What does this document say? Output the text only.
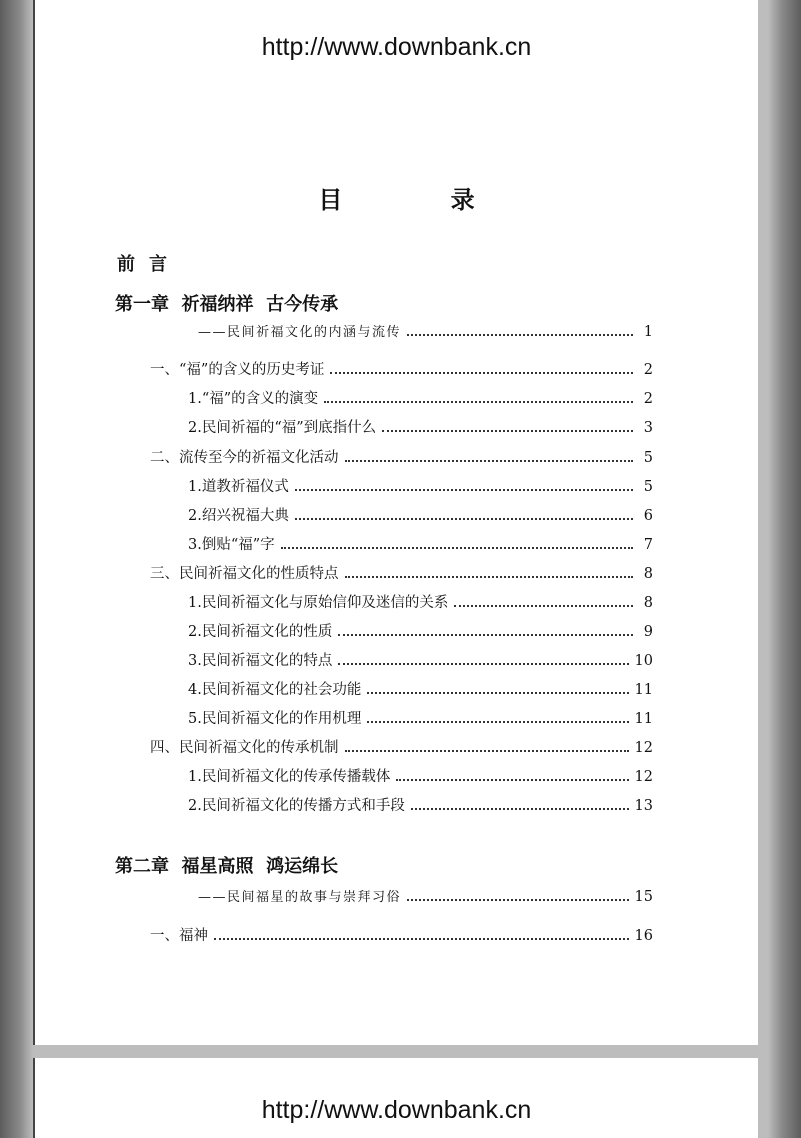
http://www.downbank.cn
目 录
前言
第一章  祈福纳祥  古今传承
——民间祈福文化的内涵与流传	1
一、“福”的含义的历史考证	2
1.“福”的含义的演变	2
2.民间祈福的“福”到底指什么	3
二、流传至今的祈福文化活动	5
1.道教祈福仪式	5
2.绍兴祝福大典	6
3.倒贴“福”字	7
三、民间祈福文化的性质特点	8
1.民间祈福文化与原始信仰及迷信的关系	8
2.民间祈福文化的性质	9
3.民间祈福文化的特点	10
4.民间祈福文化的社会功能	11
5.民间祈福文化的作用机理	11
四、民间祈福文化的传承机制	12
1.民间祈福文化的传承传播载体	12
2.民间祈福文化的传播方式和手段	13
第二章  福星高照  鸿运绵长
——民间福星的故事与崇拜习俗	15
一、福神	16
http://www.downbank.cn
